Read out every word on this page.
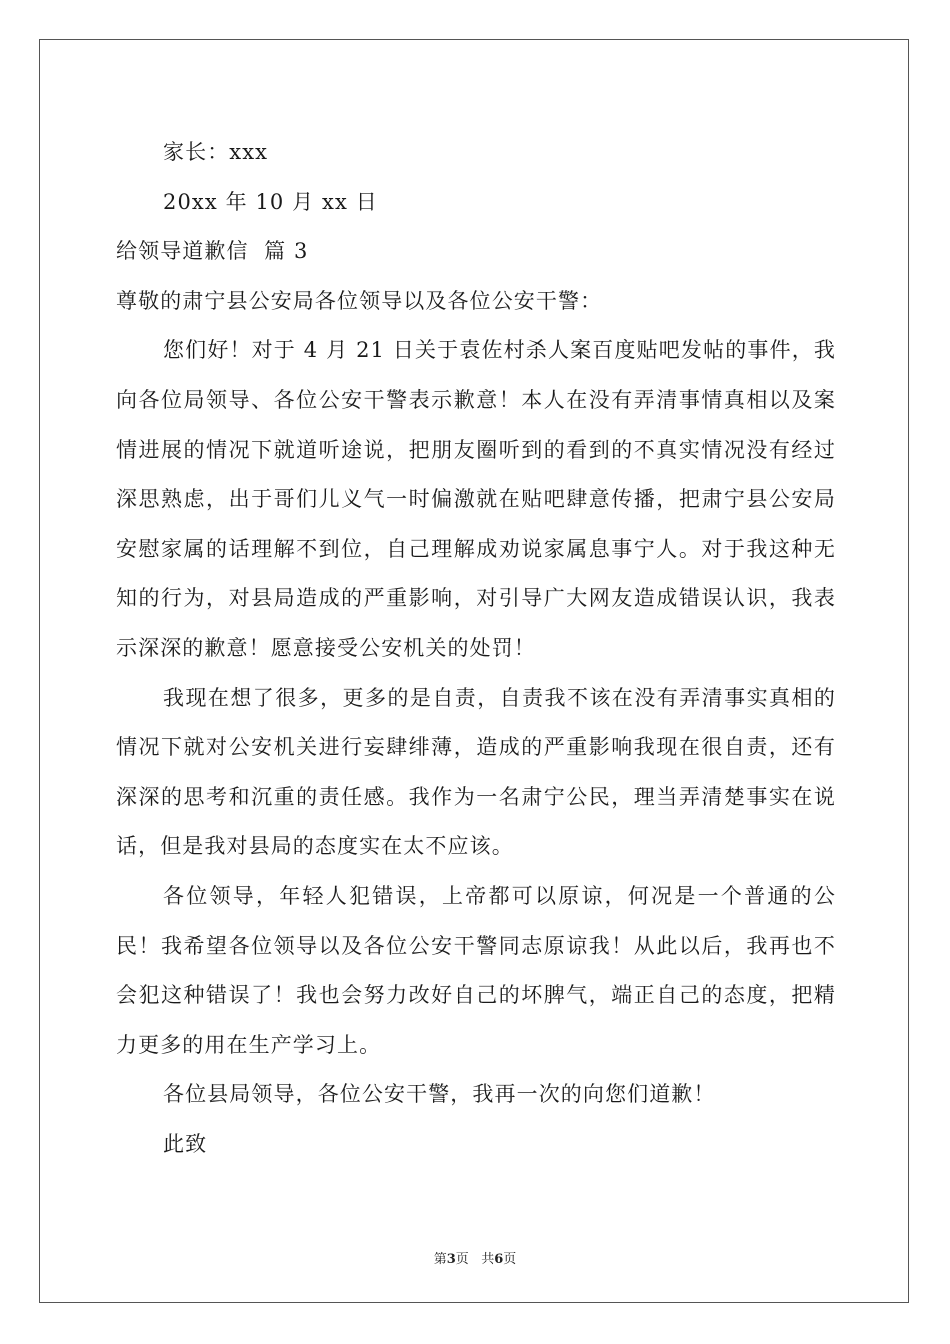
家长：xxx
20xx 年 10 月 xx 日
给领导道歉信  篇 3
尊敬的肃宁县公安局各位领导以及各位公安干警：
您们好！对于 4 月 21 日关于袁佐村杀人案百度贴吧发帖的事件，我向各位局领导、各位公安干警表示歉意！本人在没有弄清事情真相以及案情进展的情况下就道听途说，把朋友圈听到的看到的不真实情况没有经过深思熟虑，出于哥们儿义气一时偏激就在贴吧肆意传播，把肃宁县公安局安慰家属的话理解不到位，自己理解成劝说家属息事宁人。对于我这种无知的行为，对县局造成的严重影响，对引导广大网友造成错误认识，我表示深深的歉意！愿意接受公安机关的处罚！
我现在想了很多，更多的是自责，自责我不该在没有弄清事实真相的情况下就对公安机关进行妄肆绯薄，造成的严重影响我现在很自责，还有深深的思考和沉重的责任感。我作为一名肃宁公民，理当弄清楚事实在说话，但是我对县局的态度实在太不应该。
各位领导，年轻人犯错误，上帝都可以原谅，何况是一个普通的公民！我希望各位领导以及各位公安干警同志原谅我！从此以后，我再也不会犯这种错误了！我也会努力改好自己的坏脾气，端正自己的态度，把精力更多的用在生产学习上。
各位县局领导，各位公安干警，我再一次的向您们道歉！
此致
第3页 共6页
